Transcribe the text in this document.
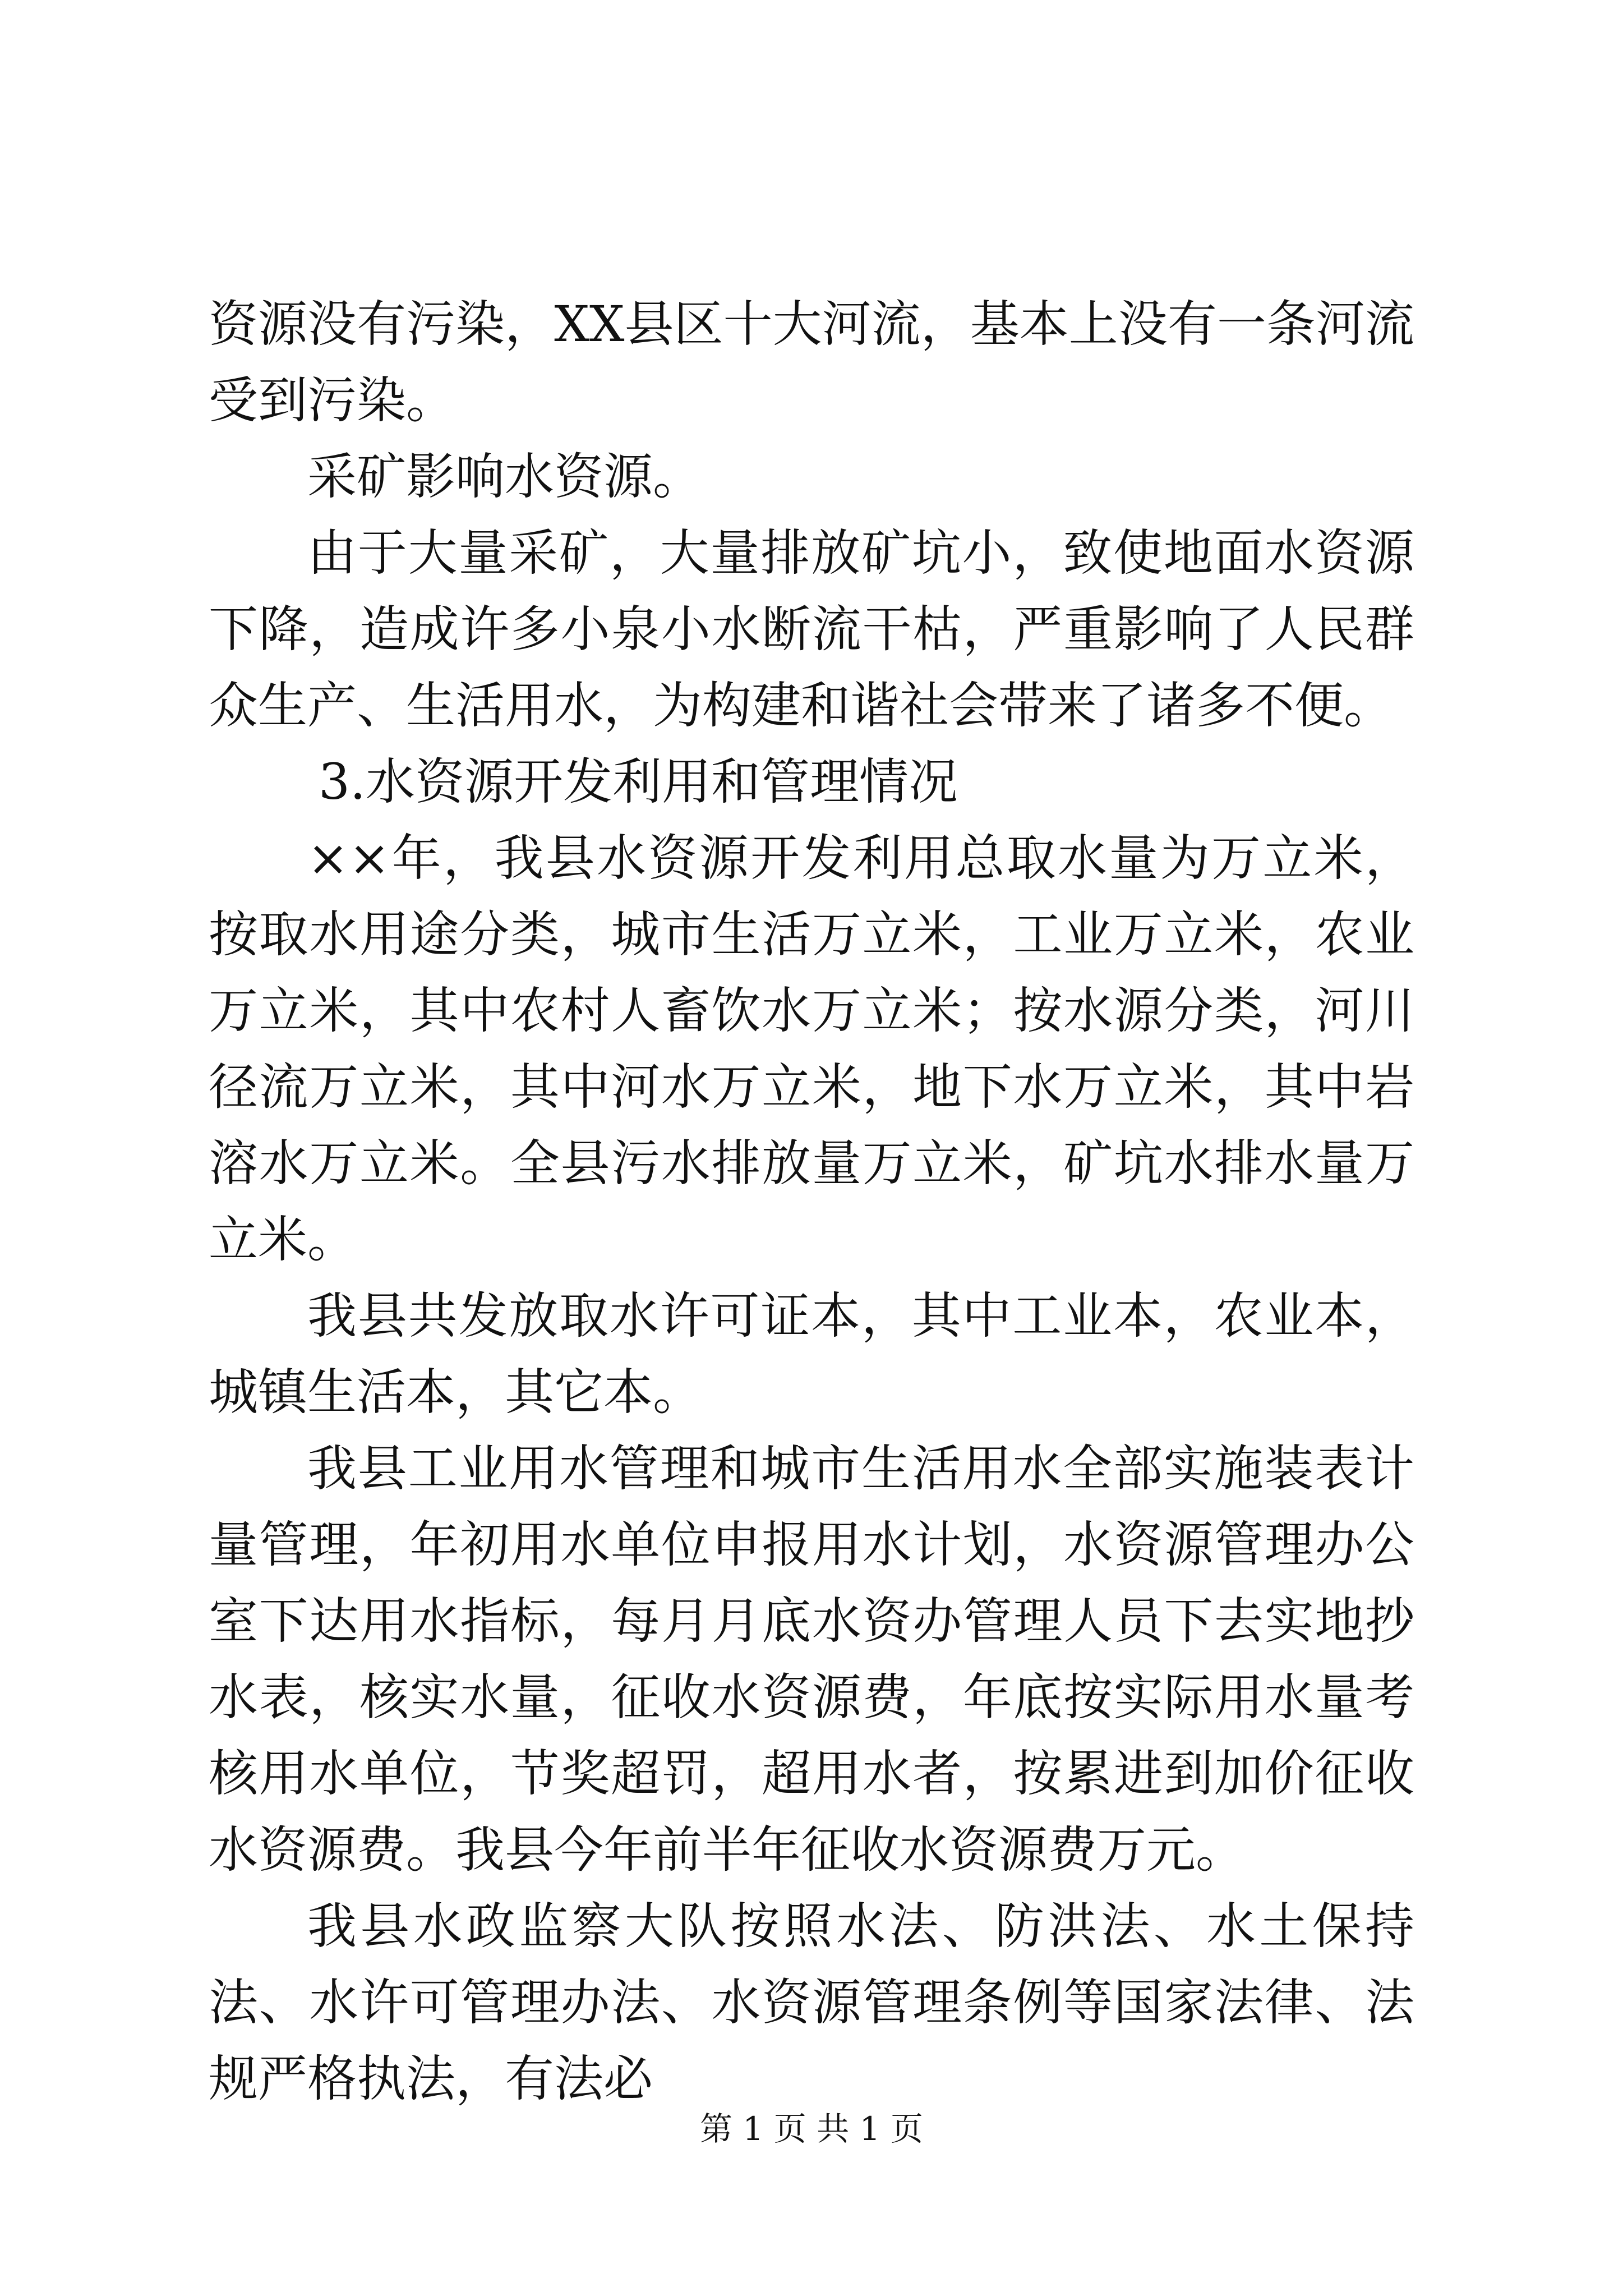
资源没有污染，XX县区十大河流，基本上没有一条河流受到污染。

采矿影响水资源。

由于大量采矿，大量排放矿坑小，致使地面水资源下降，造成许多小泉小水断流干枯，严重影响了人民群众生产、生活用水，为构建和谐社会带来了诸多不便。

3.水资源开发利用和管理情况

××年，我县水资源开发利用总取水量为万立米，按取水用途分类，城市生活万立米，工业万立米，农业万立米，其中农村人畜饮水万立米；按水源分类，河川径流万立米，其中河水万立米，地下水万立米，其中岩溶水万立米。全县污水排放量万立米，矿坑水排水量万立米。

我县共发放取水许可证本，其中工业本，农业本，城镇生活本，其它本。

我县工业用水管理和城市生活用水全部实施装表计量管理，年初用水单位申报用水计划，水资源管理办公室下达用水指标，每月月底水资办管理人员下去实地抄水表，核实水量，征收水资源费，年底按实际用水量考核用水单位，节奖超罚，超用水者，按累进到加价征收水资源费。我县今年前半年征收水资源费万元。

我县水政监察大队按照水法、防洪法、水土保持法、水许可管理办法、水资源管理条例等国家法律、法规严格执法，有法必

第 1 页 共 1 页
